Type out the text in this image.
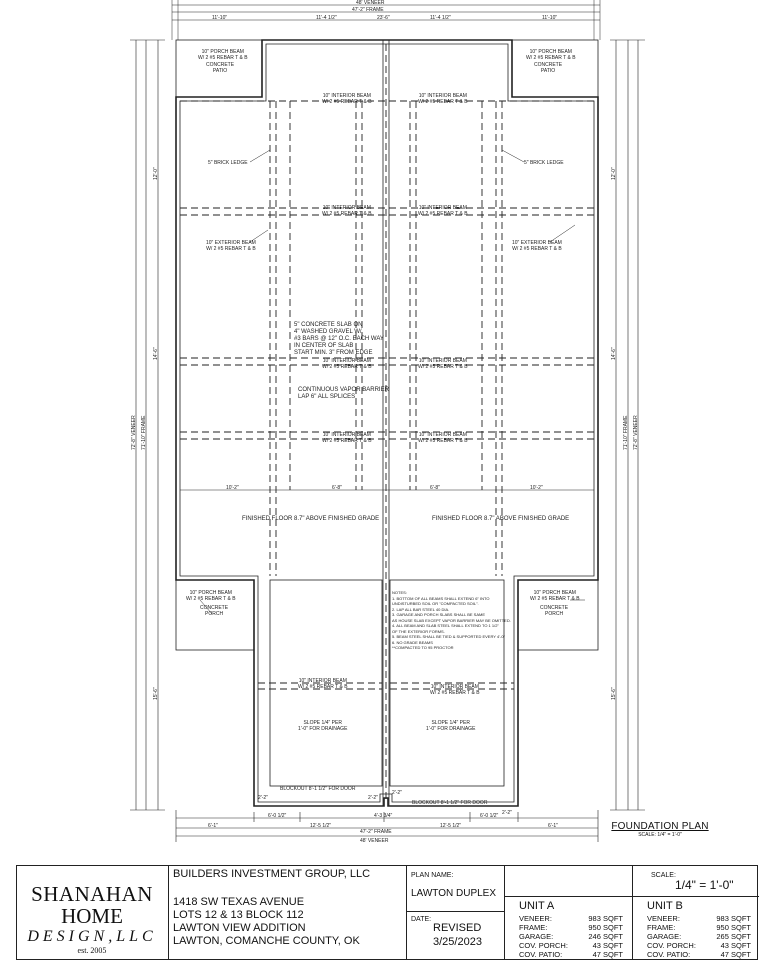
10" PORCH BEAM
W/ 2 #5 REBAR T & B
CONCRETE
PATIO
10" PORCH BEAM
W/ 2 #5 REBAR T & B
CONCRETE
PATIO
5" BRICK LEDGE	5" BRICK LEDGE
10" EXTERIOR BEAM
W/ 2 #5 REBAR T & B
10" EXTERIOR BEAM
W/ 2 #5 REBAR T & B
10" INTERIOR BEAM
W/ 2 #5 REBAR T & B
10" INTERIOR BEAM
W/ 2 #5 REBAR T & B
10" INTERIOR BEAM
W/ 2 #5 REBAR T & B
10" INTERIOR BEAM
W/ 2 #5 REBAR T & B
10" INTERIOR BEAM
W/ 2 #5 REBAR T & B
10" INTERIOR BEAM
W/ 2 #5 REBAR T & B
10" INTERIOR BEAM
W/ 2 #5 REBAR T & B
10" INTERIOR BEAM
W/ 2 #5 REBAR T & B
10" INTERIOR BEAM
W/ 2 #5 REBAR T & B	10" INTERIOR BEAM
W/ 2 #5 REBAR T & B
5" CONCRETE SLAB ON
4" WASHED GRAVEL W/
#3 BARS @ 12" O.C. EACH WAY
IN CENTER OF SLAB
START MIN. 3" FROM EDGE
CONTINUOUS VAPOR BARRIER
LAP 6" ALL SPLICES
FINISHED FLOOR 8.7" ABOVE FINISHED GRADE	FINISHED FLOOR 8.7" ABOVE FINISHED GRADE
10" PORCH BEAM
W/ 2 #5 REBAR T & B
CONCRETE
PORCH
10" PORCH BEAM
W/ 2 #5 REBAR T & B
CONCRETE
PORCH
SLOPE 1/4" PER
1'-0" FOR DRAINAGE
SLOPE 1/4" PER
1'-0" FOR DRAINAGE
BLOCKOUT 8'-1 1/2" FOR DOOR
BLOCKOUT 8'-1 1/2" FOR DOOR
NOTES:
1. BOTTOM OF ALL BEAMS SHALL EXTEND 6" INTO
UNDISTURBED SOIL OR "COMPACTED SOIL".
2. LAP ALL BAR STEEL 40 DIA.
3. GARAGE AND PORCH SLABS SHALL BE SAME
AS HOUSE SLAB EXCEPT VAPOR BARRIER MAY BE OMITTED.
4. ALL BEAM AND SLAB STEEL SHALL EXTEND TO 1 1/2"
OF THE EXTERIOR FORMS.
5. BEAM STEEL SHALL BE TIED & SUPPORTED EVERY 4'-0"
6. NO GRADE BEAMS
**COMPACTED TO 95 PROCTOR
48' VENEER
47'-2" FRAME
11'-10"	11'-4 1/2"	23'-6"	11'-4 1/2"	11'-10"
10'-2"	6'-8"	6'-8"	10'-2"
6'-1"
6'-0 1/2"
12'-5 1/2"
4'-3 3/4"
12'-5 1/2"
6'-0 1/2"
6'-1"
47'-2" FRAME
48' VENEER
2'-2"	2'-2"
2'-2"
2'-2"
72'-8" VENEER 71'-10" FRAME
12'-0"
14'-6"
15'-6"
71'-10" FRAME 72'-8" VENEER
12'-0"
14'-6"
15'-6"
FOUNDATION PLAN
SCALE: 1/4" = 1'-0"
SHANAHAN
HOME
DESIGN,LLC
est. 2005
BUILDERS INVESTMENT GROUP, LLC
1418 SW TEXAS AVENUE
LOTS 12 & 13 BLOCK 112
LAWTON VIEW ADDITION
LAWTON, COMANCHE COUNTY, OK
PLAN NAME:
LAWTON DUPLEX
DATE:
REVISED
3/25/2023
UNIT A
VENEER:	983 SQFT
FRAME:	950 SQFT
GARAGE:	246 SQFT
COV. PORCH:	43 SQFT
COV. PATIO:	47 SQFT
SCALE:
1/4" = 1'-0"
UNIT B
VENEER:	983 SQFT
FRAME:	950 SQFT
GARAGE:	265 SQFT
COV. PORCH:	43 SQFT
COV. PATIO:	47 SQFT
